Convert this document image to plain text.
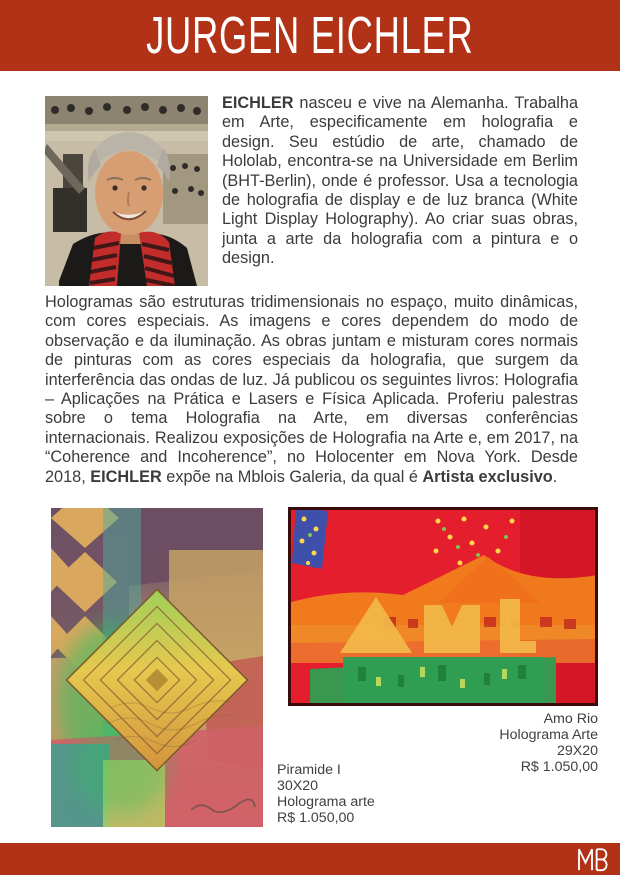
JURGEN EICHLER

EICHLER nasceu e vive na Alemanha. Trabalha em Arte, especificamente em holografia e design. Seu estúdio de arte, chamado de Hololab, encontra-se na Universidade em Berlim (BHT-Berlin), onde é professor. Usa a tecnologia de holografia de display e de luz branca (White Light Display Holography). Ao criar suas obras, junta a arte da holografia com a pintura e o design.

Hologramas são estruturas tridimensionais no espaço, muito dinâmicas, com cores especiais. As imagens e cores dependem do modo de observação e da iluminação. As obras juntam e misturam cores normais de pinturas com as cores especiais da holografia, que surgem da interferência das ondas de luz. Já publicou os seguintes livros: Holografia – Aplicações na Prática e Lasers e Física Aplicada. Proferiu palestras sobre o tema Holografia na Arte, em diversas conferências internacionais. Realizou exposições de Holografia na Arte e, em 2017, na “Coherence and Incoherence”, no Holocenter em Nova York. Desde 2018, EICHLER expõe na Mblois Galeria, da qual é Artista exclusivo.

Amo Rio
Holograma Arte
29X20
R$ 1.050,00
Piramide I
30X20
Holograma arte
R$ 1.050,00
